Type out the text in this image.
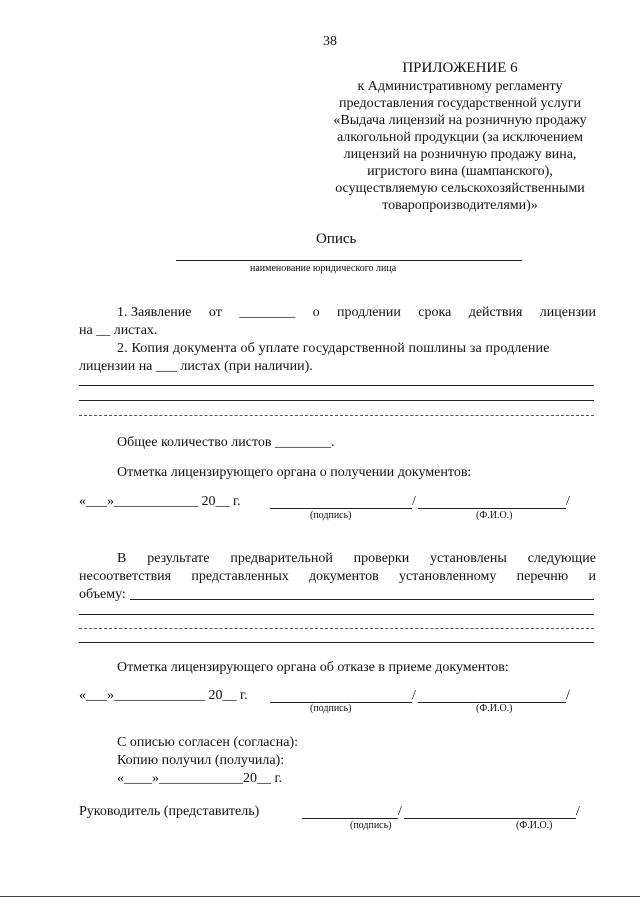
38

ПРИЛОЖЕНИЕ 6

к Административному регламенту

предоставления государственной услуги

«Выдача лицензий на розничную продажу

алкогольной продукции (за исключением

лицензий на розничную продажу вина,

игристого вина (шампанского),

осуществляемую сельскохозяйственными

товаропроизводителями)»

Опись
наименование юридического лица
1. Заявление от ________ о продлении срока действия лицензии
на __ листах.
2. Копия документа об уплате государственной пошлины за продление
лицензии на ___ листах (при наличии).
Общее количество листов ________.
Отметка лицензирующего органа о получении документов:
«___»____________ 20__ г.	/	/
(подпись)	(Ф.И.О.)
В результате предварительной проверки установлены следующие
несоответствия представленных документов установленному перечню и
объему:
Отметка лицензирующего органа об отказе в приеме документов:
«___»_____________ 20__ г.	/	/
(подпись)	(Ф.И.О.)
С описью согласен (согласна):
Копию получил (получила):
«____»____________20__ г.
Руководитель (представитель)	/	/
(подпись)	(Ф.И.О.)
